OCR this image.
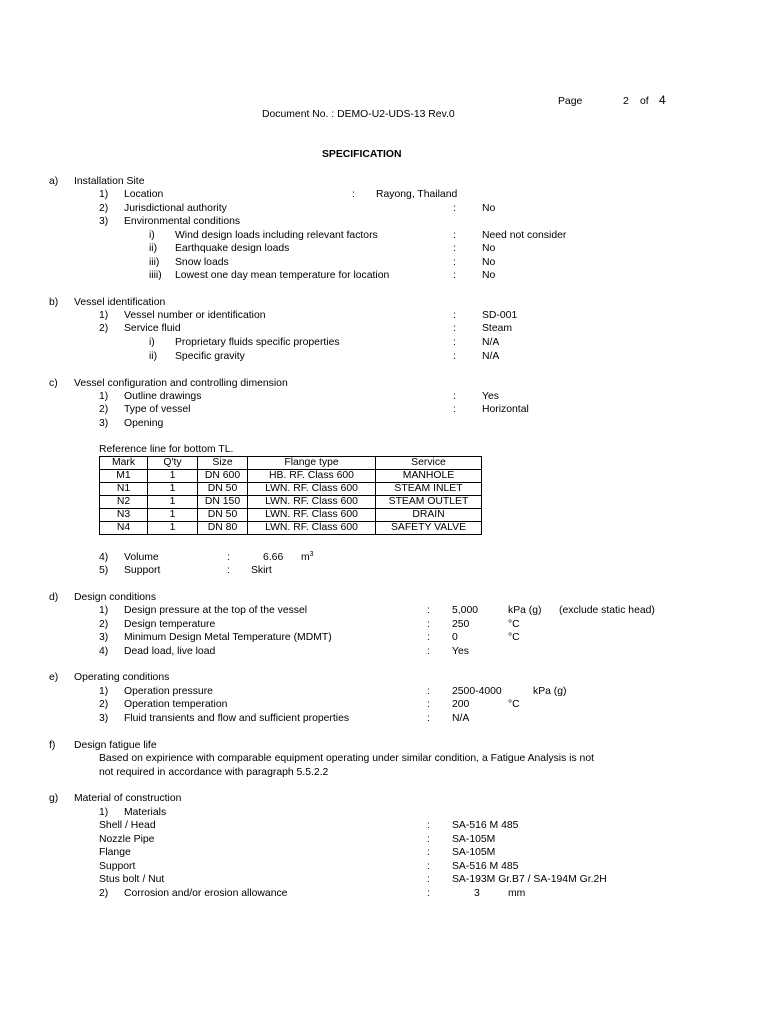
Page	2 of 4
Document No. : DEMO-U2-UDS-13 Rev.0
SPECIFICATION
a) Installation Site
1) Location	: Rayong, Thailand
2) Jurisdictional authority	:	No
3) Environmental conditions
i) Wind design loads including relevant factors	:	Need not consider
ii) Earthquake design loads	:	No
iii) Snow loads	:	No
iiii) Lowest one day mean temperature for location	:	No
b) Vessel identification
1) Vessel number or identification	:	SD-001
2) Service fluid	:	Steam
i) Proprietary fluids specific properties	:	N/A
ii) Specific gravity	:	N/A
c) Vessel configuration and controlling dimension
1) Outline drawings	:	Yes
2) Type of vessel	:	Horizontal
3) Opening
Reference line for bottom TL.
Mark	Q'ty	Size	Flange type	Service
M1	1	DN 600	HB. RF. Class 600	MANHOLE
N1	1	DN 50	LWN. RF. Class 600	STEAM INLET
N2	1	DN 150	LWN. RF. Class 600	STEAM OUTLET
N3	1	DN 50	LWN. RF. Class 600	DRAIN
N4	1	DN 80	LWN. RF. Class 600	SAFETY VALVE
4) Volume	:	6.66 $m^3$
5) Support	: Skirt
d) Design conditions
1) Design pressure at the top of the vessel	: 5,000	kPa (g) (exclude static head)
2) Design temperature	: 250	°C
3) Minimum Design Metal Temperature (MDMT)	: 0	°C
4) Dead load, live load	: Yes
e) Operating conditions
1) Operation pressure	: 2500-4000	kPa (g)
2) Operation temperation	: 200	°C
3) Fluid transients and flow and sufficient properties	: N/A
f) Design fatigue life
Based on expirience with comparable equipment operating under similar condition, a Fatigue Analysis is not
not required in accordance with paragraph 5.5.2.2
g) Material of construction
1) Materials
Shell / Head	: SA-516 M 485
Nozzle Pipe	: SA-105M
Flange	: SA-105M
Support	: SA-516 M 485
Stus bolt / Nut	: SA-193M Gr.B7 / SA-194M Gr.2H
2) Corrosion and/or erosion allowance	:	3	mm
